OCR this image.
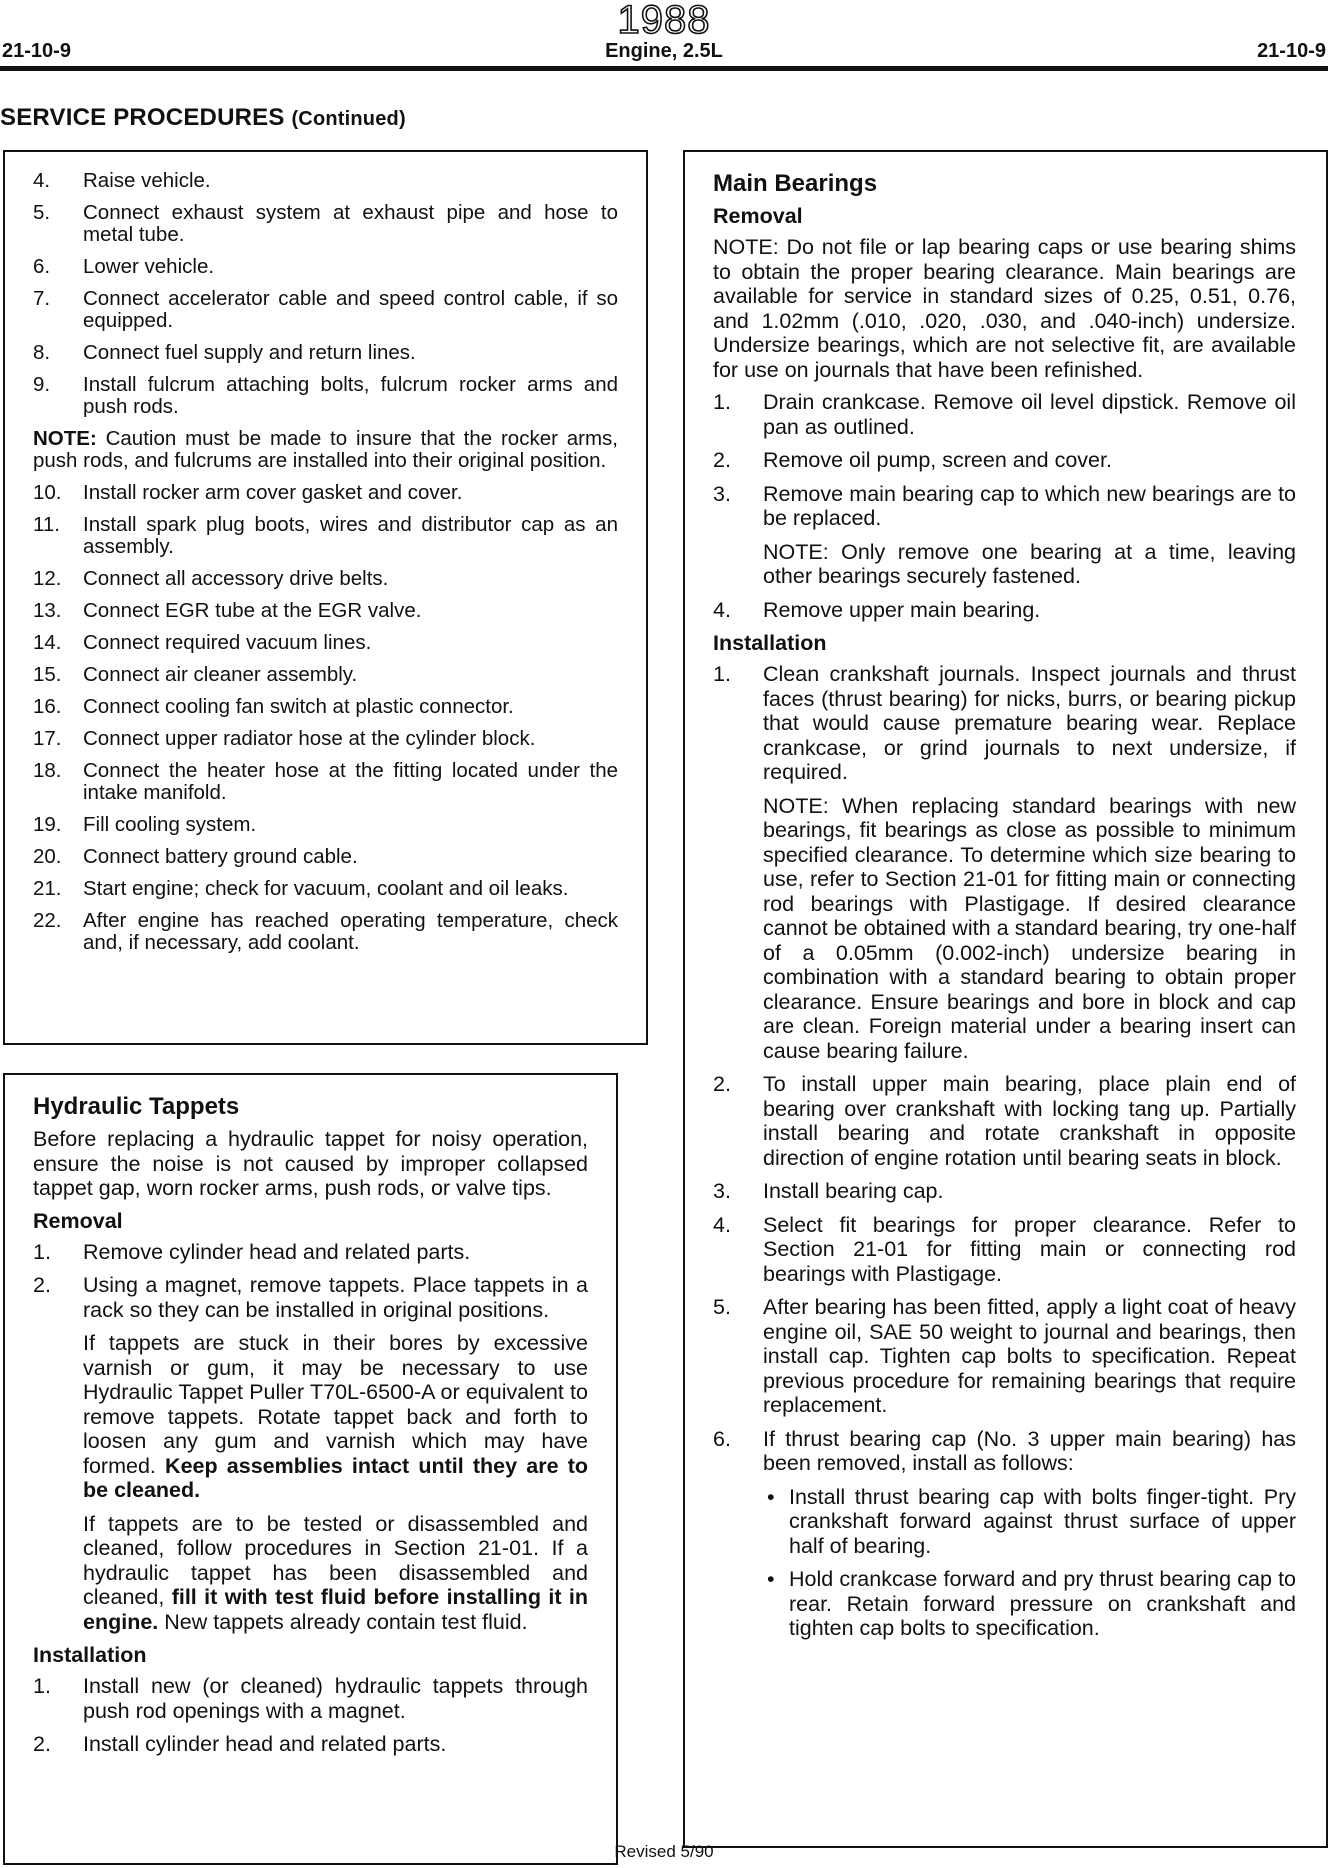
1988
21-10-9	Engine, 2.5L	21-10-9
SERVICE PROCEDURES (Continued)
4.	Raise vehicle.
5.	Connect exhaust system at exhaust pipe and hose to metal tube.
6.	Lower vehicle.
7.	Connect accelerator cable and speed control cable, if so equipped.
8.	Connect fuel supply and return lines.
9.	Install fulcrum attaching bolts, fulcrum rocker arms and push rods.
NOTE: Caution must be made to insure that the rocker arms, push rods, and fulcrums are installed into their original position.
10.	Install rocker arm cover gasket and cover.
11.	Install spark plug boots, wires and distributor cap as an assembly.
12.	Connect all accessory drive belts.
13.	Connect EGR tube at the EGR valve.
14.	Connect required vacuum lines.
15.	Connect air cleaner assembly.
16.	Connect cooling fan switch at plastic connector.
17.	Connect upper radiator hose at the cylinder block.
18.	Connect the heater hose at the fitting located under the intake manifold.
19.	Fill cooling system.
20.	Connect battery ground cable.
21.	Start engine; check for vacuum, coolant and oil leaks.
22.	After engine has reached operating temperature, check and, if necessary, add coolant.
Hydraulic Tappets
Before replacing a hydraulic tappet for noisy operation, ensure the noise is not caused by improper collapsed tappet gap, worn rocker arms, push rods, or valve tips.
Removal
1.	Remove cylinder head and related parts.
2.	Using a magnet, remove tappets. Place tappets in a rack so they can be installed in original positions.
If tappets are stuck in their bores by excessive varnish or gum, it may be necessary to use Hydraulic Tappet Puller T70L-6500-A or equivalent to remove tappets. Rotate tappet back and forth to loosen any gum and varnish which may have formed. Keep assemblies intact until they are to be cleaned.
If tappets are to be tested or disassembled and cleaned, follow procedures in Section 21-01. If a hydraulic tappet has been disassembled and cleaned, fill it with test fluid before installing it in engine. New tappets already contain test fluid.
Installation
1.	Install new (or cleaned) hydraulic tappets through push rod openings with a magnet.
2.	Install cylinder head and related parts.
Main Bearings
Removal
NOTE: Do not file or lap bearing caps or use bearing shims to obtain the proper bearing clearance. Main bearings are available for service in standard sizes of 0.25, 0.51, 0.76, and 1.02mm (.010, .020, .030, and .040-inch) undersize. Undersize bearings, which are not selective fit, are available for use on journals that have been refinished.
1.	Drain crankcase. Remove oil level dipstick. Remove oil pan as outlined.
2.	Remove oil pump, screen and cover.
3.	Remove main bearing cap to which new bearings are to be replaced.
NOTE: Only remove one bearing at a time, leaving other bearings securely fastened.
4.	Remove upper main bearing.
Installation
1.	Clean crankshaft journals. Inspect journals and thrust faces (thrust bearing) for nicks, burrs, or bearing pickup that would cause premature bearing wear. Replace crankcase, or grind journals to next undersize, if required.
NOTE: When replacing standard bearings with new bearings, fit bearings as close as possible to minimum specified clearance. To determine which size bearing to use, refer to Section 21-01 for fitting main or connecting rod bearings with Plastigage. If desired clearance cannot be obtained with a standard bearing, try one-half of a 0.05mm (0.002-inch) undersize bearing in combination with a standard bearing to obtain proper clearance. Ensure bearings and bore in block and cap are clean. Foreign material under a bearing insert can cause bearing failure.
2.	To install upper main bearing, place plain end of bearing over crankshaft with locking tang up. Partially install bearing and rotate crankshaft in opposite direction of engine rotation until bearing seats in block.
3.	Install bearing cap.
4.	Select fit bearings for proper clearance. Refer to Section 21-01 for fitting main or connecting rod bearings with Plastigage.
5.	After bearing has been fitted, apply a light coat of heavy engine oil, SAE 50 weight to journal and bearings, then install cap. Tighten cap bolts to specification. Repeat previous procedure for remaining bearings that require replacement.
6.	If thrust bearing cap (No. 3 upper main bearing) has been removed, install as follows:
• Install thrust bearing cap with bolts finger-tight. Pry crankshaft forward against thrust surface of upper half of bearing.
• Hold crankcase forward and pry thrust bearing cap to rear. Retain forward pressure on crankshaft and tighten cap bolts to specification.
Revised 5/90
